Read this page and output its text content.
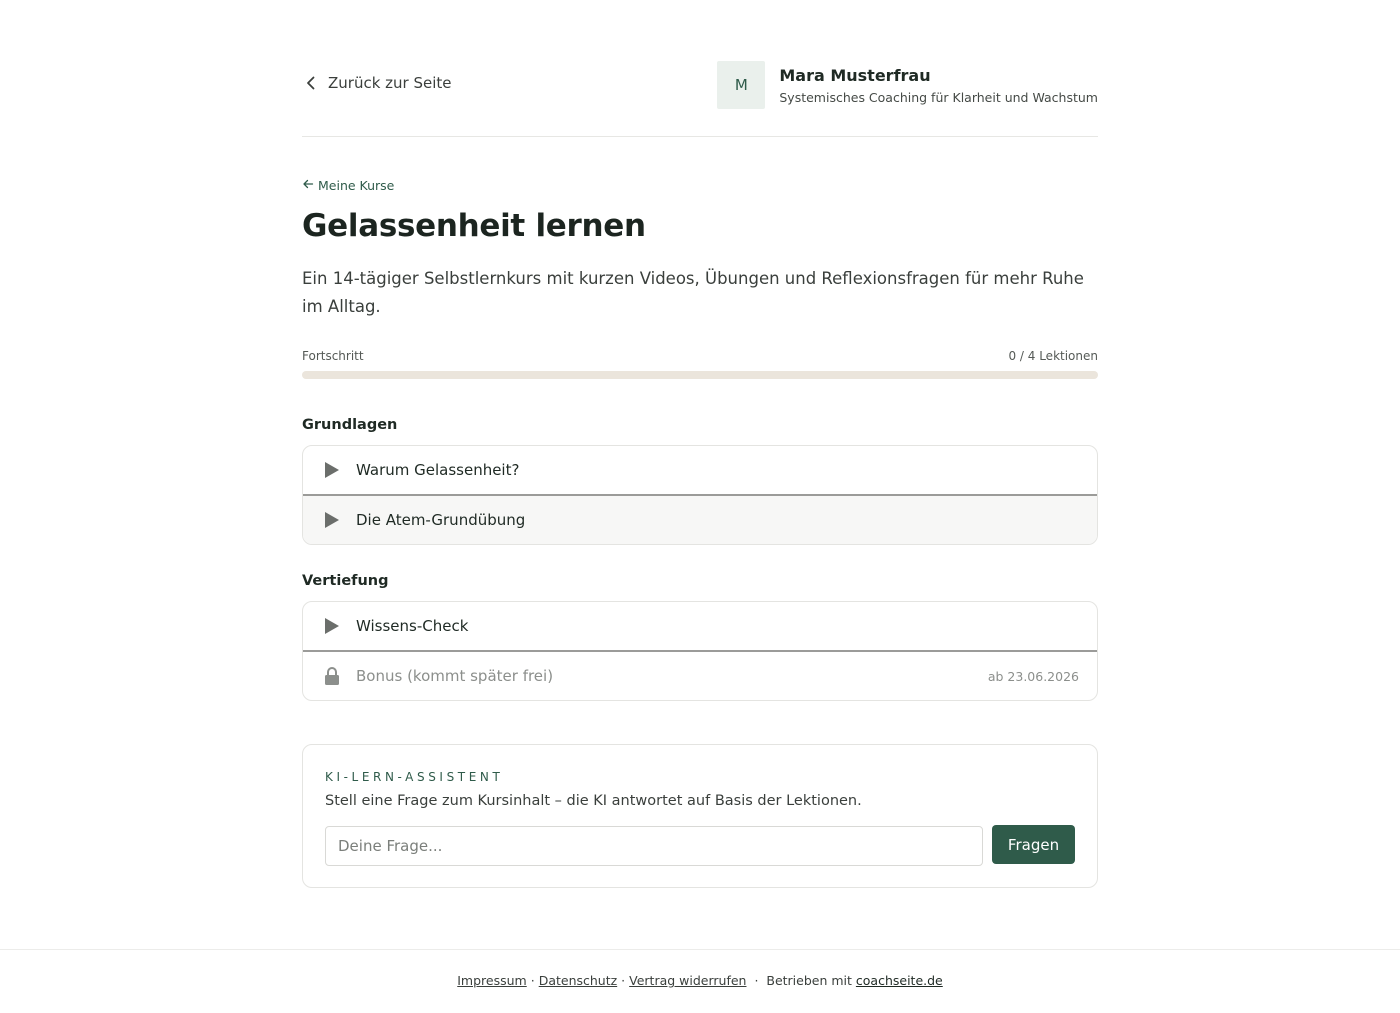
Zurück zur Seite	M
Mara Musterfrau
Systemisches Coaching für Klarheit und Wachstum
Meine Kurse
Gelassenheit lernen

Ein 14-tägiger Selbstlernkurs mit kurzen Videos, Übungen und Reflexionsfragen für mehr Ruhe im Alltag.

Fortschritt	0 / 4 Lektionen
Grundlagen
Warum Gelassenheit?
Die Atem-Grundübung
Vertiefung
Wissens-Check
Bonus (kommt später frei)	ab 23.06.2026
KI-LERN-ASSISTENT
Stell eine Frage zum Kursinhalt – die KI antwortet auf Basis der Lektionen.
Deine Frage...
Fragen
Impressum · Datenschutz · Vertrag widerrufen · Betrieben mit coachseite.de
